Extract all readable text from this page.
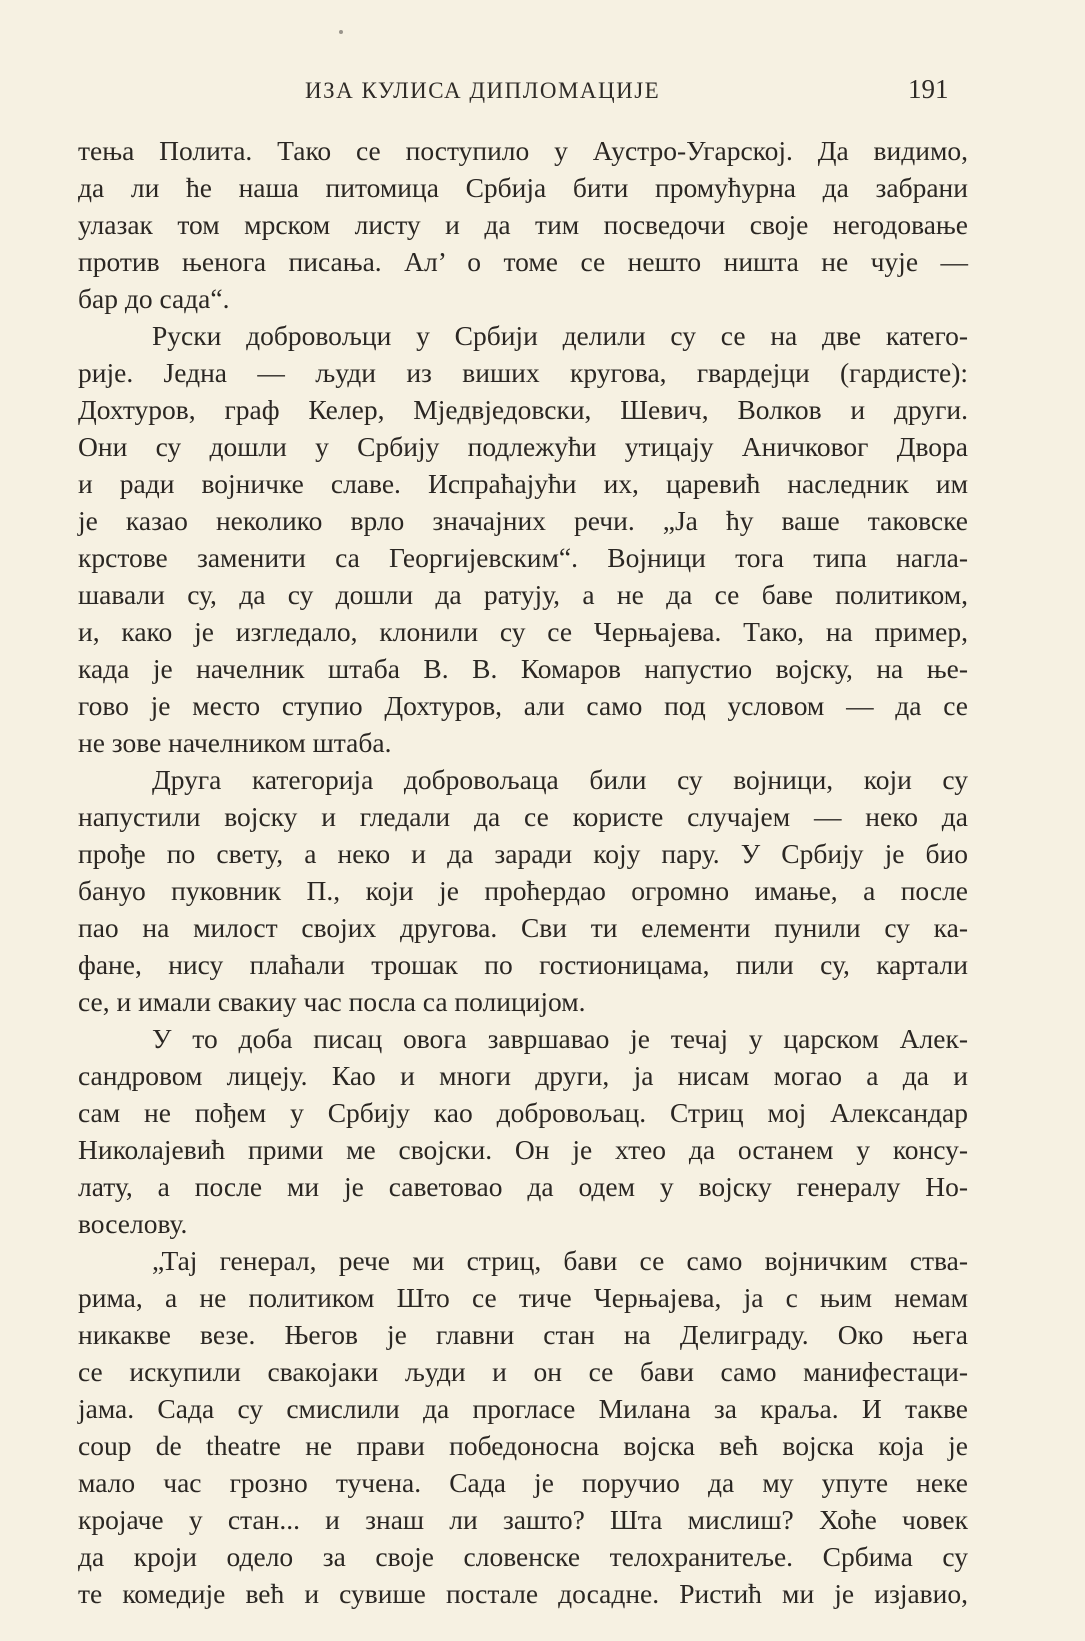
ИЗА КУЛИСА ДИПЛОМАЦИЈЕ	191
тења Полита. Тако се поступило у Аустро-Угарској. Да видимо,
да ли ће наша питомица Србија бити промућурна да забрани
улазак том мрском листу и да тим посведочи своје негодовање
против њенога писања. Ал’ о томе се нешто ништа не чује —
бар до сада“.
Руски добровољци у Србији делили су се на две катего-
рије. Једна — људи из виших кругова, гвардејци (гардисте):
Дохтуров, граф Келер, Мједвједовски, Шевич, Волков и други.
Они су дошли у Србију подлежући утицају Аничковог Двора
и ради војничке славе. Испраћајући их, царевић наследник им
је казао неколико врло значајних речи. „Ја ћу ваше таковске
крстове заменити са Георгијевским“. Војници тога типа нагла-
шавали су, да су дошли да ратују, а не да се баве политиком,
и, како је изгледало, клонили су се Черњајева. Тако, на пример,
када је начелник штаба В. В. Комаров напустио војску, на ње-
гово је место ступио Дохтуров, али само под условом — да се
не зове начелником штаба.
Друга категорија добровољаца били су војници, који су
напустили војску и гледали да се користе случајем — неко да
прође по свету, а неко и да заради коју пару. У Србију је био
бануо пуковник П., који је проћердао огромно имање, а после
пао на милост својих другова. Сви ти елементи пунили су ка-
фане, нису плаћали трошак по гостионицама, пили су, картали
се, и имали свакиу час посла са полицијом.
У то доба писац овога завршавао је течај у царском Алек-
сандровом лицеју. Као и многи други, ја нисам могао а да и
сам не пођем у Србију као добровољац. Стриц мој Александар
Николајевић прими ме својски. Он је хтео да останем у консу-
лату, а после ми је саветовао да одем у војску генералу Но-
воселову.
„Тај генерал, рече ми стриц, бави се само војничким ства-
рима, а не политиком Што се тиче Черњајева, ја с њим немам
никакве везе. Његов је главни стан на Делиграду. Око њега
се искупили свакојаки људи и он се бави само манифестаци-
јама. Сада су смислили да прогласе Милана за краља. И такве
coup de theatre не прави победоносна војска већ војска која је
мало час грозно тучена. Сада је поручио да му упуте неке
кројаче у стан... и знаш ли зашто? Шта мислиш? Хоће човек
да кроји одело за своје словенске телохранитеље. Србима су
те комедије већ и сувише постале досадне. Ристић ми је изјавио,
